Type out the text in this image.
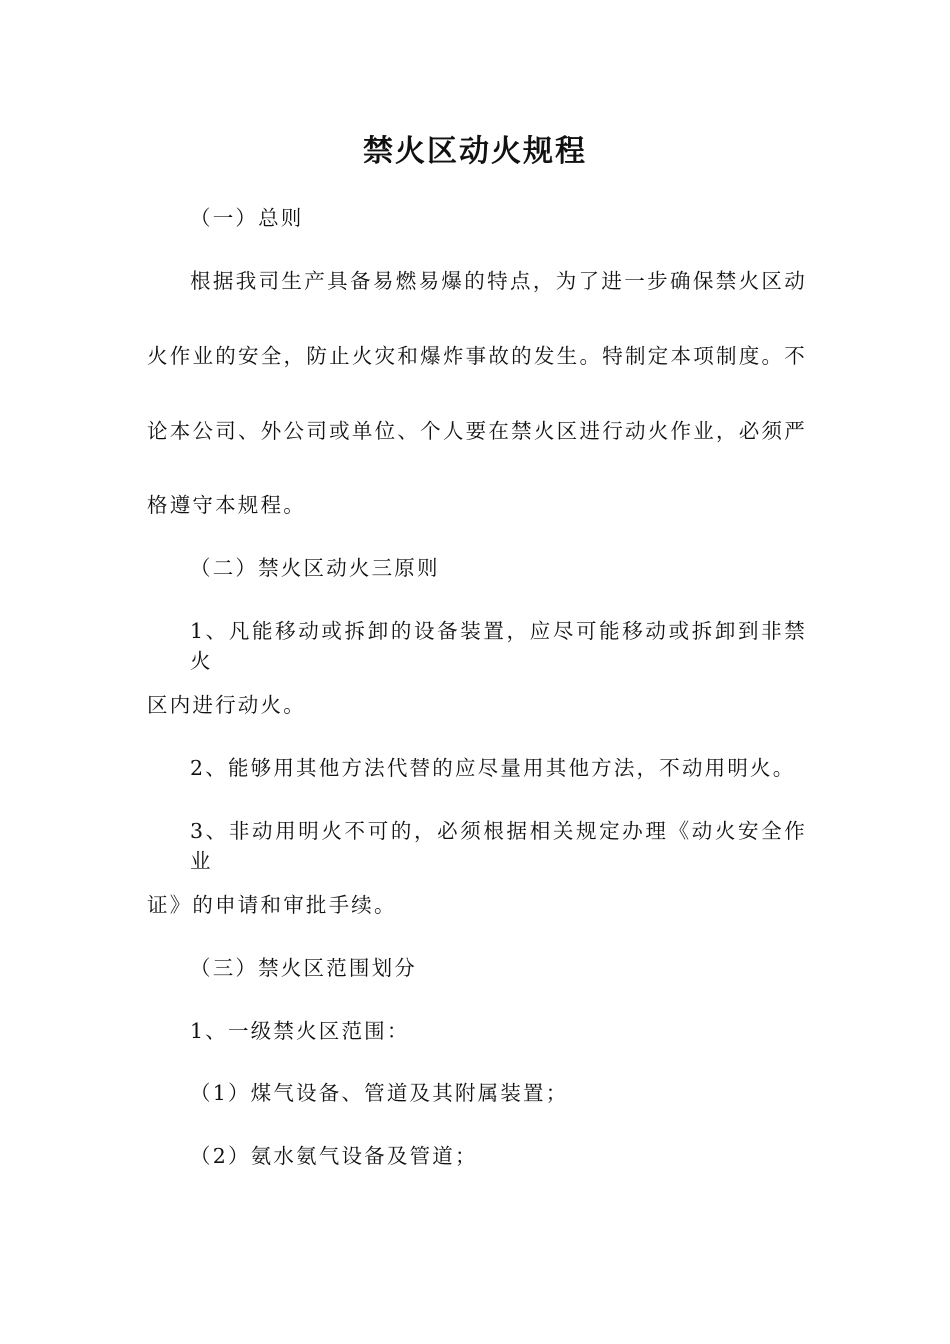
禁火区动火规程
（一）总则
根据我司生产具备易燃易爆的特点，为了进一步确保禁火区动
火作业的安全，防止火灾和爆炸事故的发生。特制定本项制度。不
论本公司、外公司或单位、个人要在禁火区进行动火作业，必须严
格遵守本规程。
（二）禁火区动火三原则
1、凡能移动或拆卸的设备装置，应尽可能移动或拆卸到非禁火
区内进行动火。
2、能够用其他方法代替的应尽量用其他方法，不动用明火。
3、非动用明火不可的，必须根据相关规定办理《动火安全作业
证》的申请和审批手续。
（三）禁火区范围划分
1、一级禁火区范围：
（1）煤气设备、管道及其附属装置；
（2）氨水氨气设备及管道；
